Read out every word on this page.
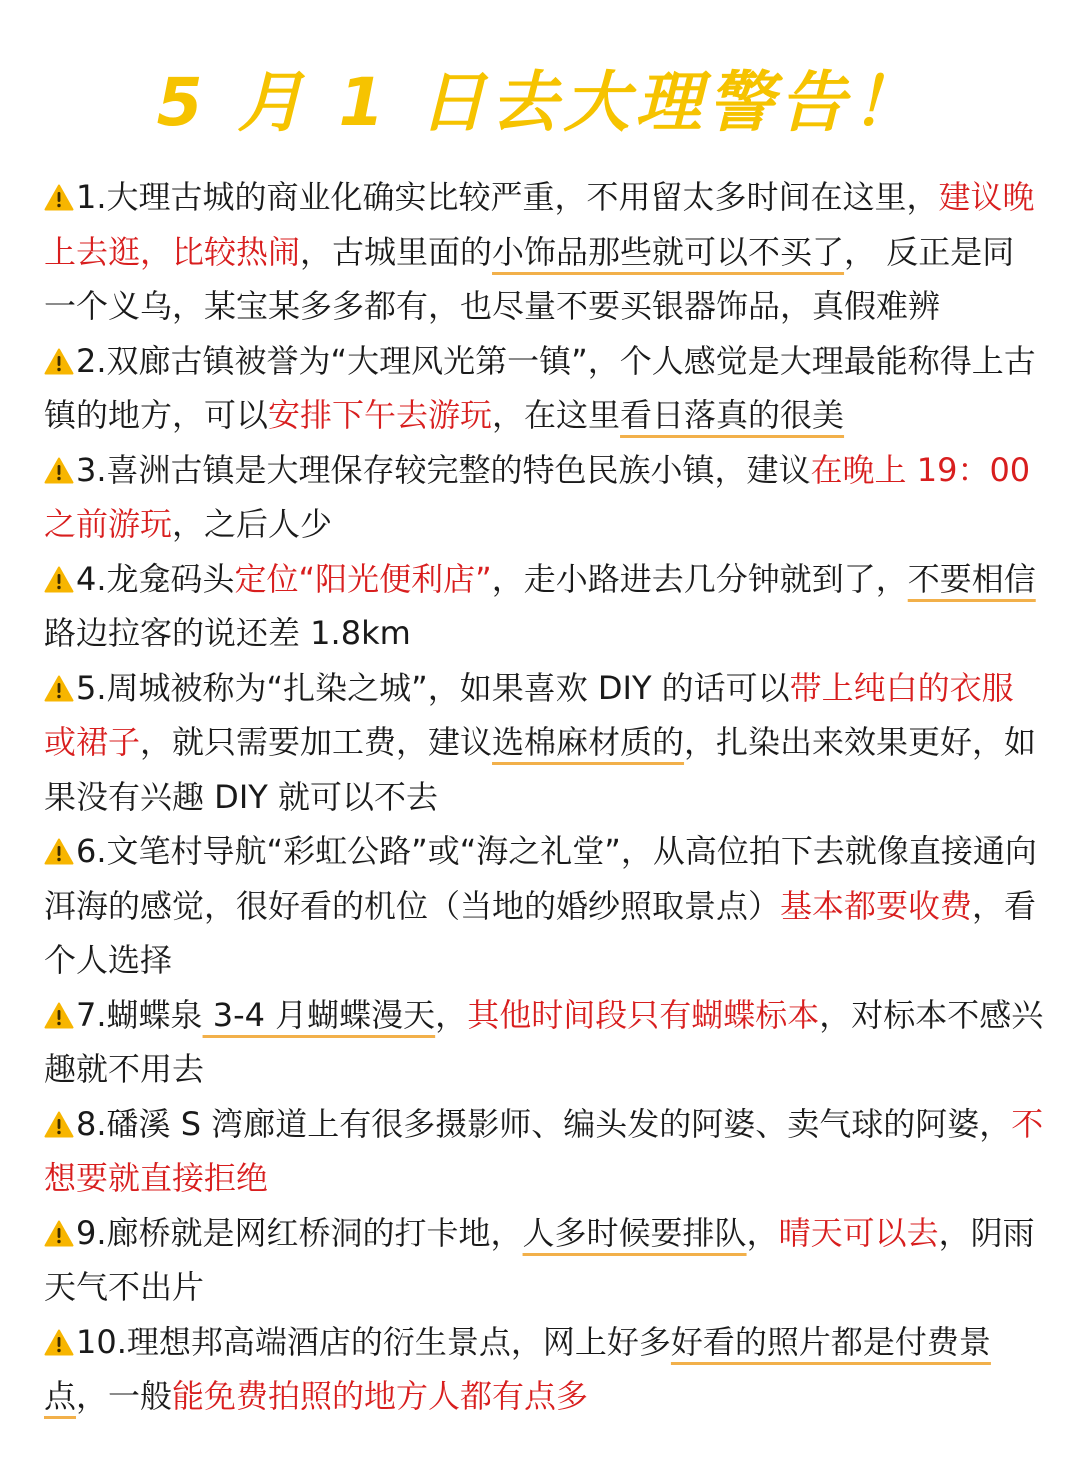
5 月 1 日去大理警告！
1.大理古城的商业化确实比较严重，不用留太多时间在这里，建议晚上去逛，比较热闹，古城里面的小饰品那些就可以不买了， 反正是同一个义乌，某宝某多多都有，也尽量不要买银器饰品，真假难辨
2.双廊古镇被誉为“大理风光第一镇”，个人感觉是大理最能称得上古镇的地方，可以安排下午去游玩，在这里看日落真的很美
3.喜洲古镇是大理保存较完整的特色民族小镇，建议在晚上 19：00 之前游玩，之后人少
4.龙龛码头定位“阳光便利店”，走小路进去几分钟就到了，不要相信路边拉客的说还差 1.8km
5.周城被称为“扎染之城”，如果喜欢 DIY 的话可以带上纯白的衣服或裙子，就只需要加工费，建议选棉麻材质的，扎染出来效果更好，如果没有兴趣 DIY 就可以不去
6.文笔村导航“彩虹公路”或“海之礼堂”，从高位拍下去就像直接通向洱海的感觉，很好看的机位（当地的婚纱照取景点）基本都要收费，看个人选择
7.蝴蝶泉 3-4 月蝴蝶漫天，其他时间段只有蝴蝶标本，对标本不感兴趣就不用去
8.磻溪 S 湾廊道上有很多摄影师、编头发的阿婆、卖气球的阿婆，不想要就直接拒绝
9.廊桥就是网红桥洞的打卡地，人多时候要排队，晴天可以去，阴雨天气不出片
10.理想邦高端酒店的衍生景点，网上好多好看的照片都是付费景点，一般能免费拍照的地方人都有点多
